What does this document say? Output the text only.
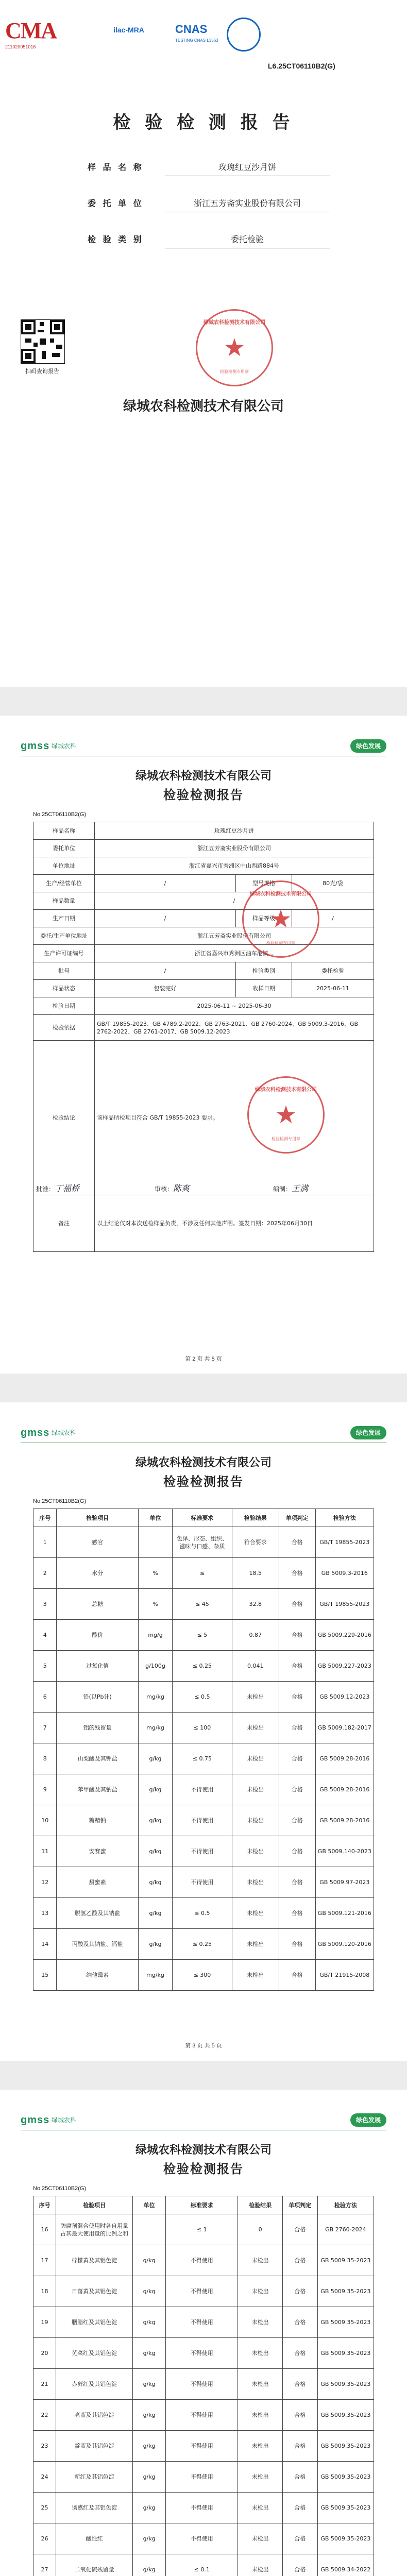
CMA
211020051016
ilac-MRA	CNAS
TESTING CNAS L3563
L6.25CT06110B2(G)
检 验 检 测 报 告
样 品 名 称	玫瑰红豆沙月饼
委 托 单 位	浙江五芳斋实业股份有限公司
检 验 类 别	委托检验
扫码查询报告
绿城农科检测技术有限公司
★
检验检测专用章
绿城农科检测技术有限公司
gmss 绿城农科	绿色发展
绿城农科检测技术有限公司
检验检测报告
No.25CT06110B2(G)
样品名称	玫瑰红豆沙月饼		
委托单位	浙江五芳斋实业股份有限公司		
单位地址	浙江省嘉兴市秀洲区中山西路884号		
生产/经营单位	/	型号规格	80克/袋
样品数量	/		
生产日期	/	样品等级	/
委托/生产单位地址	浙江五芳斋实业股份有限公司		
生产许可证编号	浙江省嘉兴市秀洲区油车港镇...		
批号	/	检验类别	委托检验
样品状态	包装完好	收样日期	2025-06-11
检验日期	2025-06-11 ~ 2025-06-30		
检验依据	GB/T 19855-2023、GB 4789.2-2022、GB 2763-2021、GB 2760-2024、GB 5009.3-2016、GB 2762-2022、GB 2761-2017、GB 5009.12-2023		
检验结论	该样品所检项目符合 GB/T 19855-2023 要求。		
备注	以上结论仅对本次送检样品负责，不涉及任何其他声明。签发日期：2025年06月30日		
绿城农科检测技术有限公司
★
检验检测专用章
绿城农科检测技术有限公司
★
检验检测专用章
批准：丁福桥	审核：陈爽	编制：王满
第 2 页 共 5 页
gmss 绿城农科	绿色发展
绿城农科检测技术有限公司
检验检测报告
No.25CT06110B2(G)
序号	检验项目	单位	标准要求	检验结果	单项判定	检验方法
1	感官		色泽、形态、组织、滋味与口感、杂质	符合要求	合格	GB/T 19855-2023
2	水分	%	≤	18.5	合格	GB 5009.3-2016
3	总糖	%	≤ 45	32.8	合格	GB/T 19855-2023
4	酸价	mg/g	≤ 5	0.87	合格	GB 5009.229-2016
5	过氧化值	g/100g	≤ 0.25	0.041	合格	GB 5009.227-2023
6	铅(以Pb计)	mg/kg	≤ 0.5	未检出	合格	GB 5009.12-2023
7	铝的残留量	mg/kg	≤ 100	未检出	合格	GB 5009.182-2017
8	山梨酸及其钾盐	g/kg	≤ 0.75	未检出	合格	GB 5009.28-2016
9	苯甲酸及其钠盐	g/kg	不得使用	未检出	合格	GB 5009.28-2016
10	糖精钠	g/kg	不得使用	未检出	合格	GB 5009.28-2016
11	安赛蜜	g/kg	不得使用	未检出	合格	GB 5009.140-2023
12	甜蜜素	g/kg	不得使用	未检出	合格	GB 5009.97-2023
13	脱氢乙酸及其钠盐	g/kg	≤ 0.5	未检出	合格	GB 5009.121-2016
14	丙酸及其钠盐、钙盐	g/kg	≤ 0.25	未检出	合格	GB 5009.120-2016
15	纳他霉素	mg/kg	≤ 300	未检出	合格	GB/T 21915-2008
第 3 页 共 5 页
gmss 绿城农科	绿色发展
绿城农科检测技术有限公司
检验检测报告
No.25CT06110B2(G)
序号	检验项目	单位	标准要求	检验结果	单项判定	检验方法
16	防腐剂混合使用时各自用量占其最大使用量的比例之和		≤ 1	0	合格	GB 2760-2024
17	柠檬黄及其铝色淀	g/kg	不得使用	未检出	合格	GB 5009.35-2023
18	日落黄及其铝色淀	g/kg	不得使用	未检出	合格	GB 5009.35-2023
19	胭脂红及其铝色淀	g/kg	不得使用	未检出	合格	GB 5009.35-2023
20	苋菜红及其铝色淀	g/kg	不得使用	未检出	合格	GB 5009.35-2023
21	赤藓红及其铝色淀	g/kg	不得使用	未检出	合格	GB 5009.35-2023
22	亮蓝及其铝色淀	g/kg	不得使用	未检出	合格	GB 5009.35-2023
23	靛蓝及其铝色淀	g/kg	不得使用	未检出	合格	GB 5009.35-2023
24	新红及其铝色淀	g/kg	不得使用	未检出	合格	GB 5009.35-2023
25	诱惑红及其铝色淀	g/kg	不得使用	未检出	合格	GB 5009.35-2023
26	酸性红	g/kg	不得使用	未检出	合格	GB 5009.35-2023
27	二氧化硫残留量	g/kg	≤ 0.1	未检出	合格	GB 5009.34-2022
